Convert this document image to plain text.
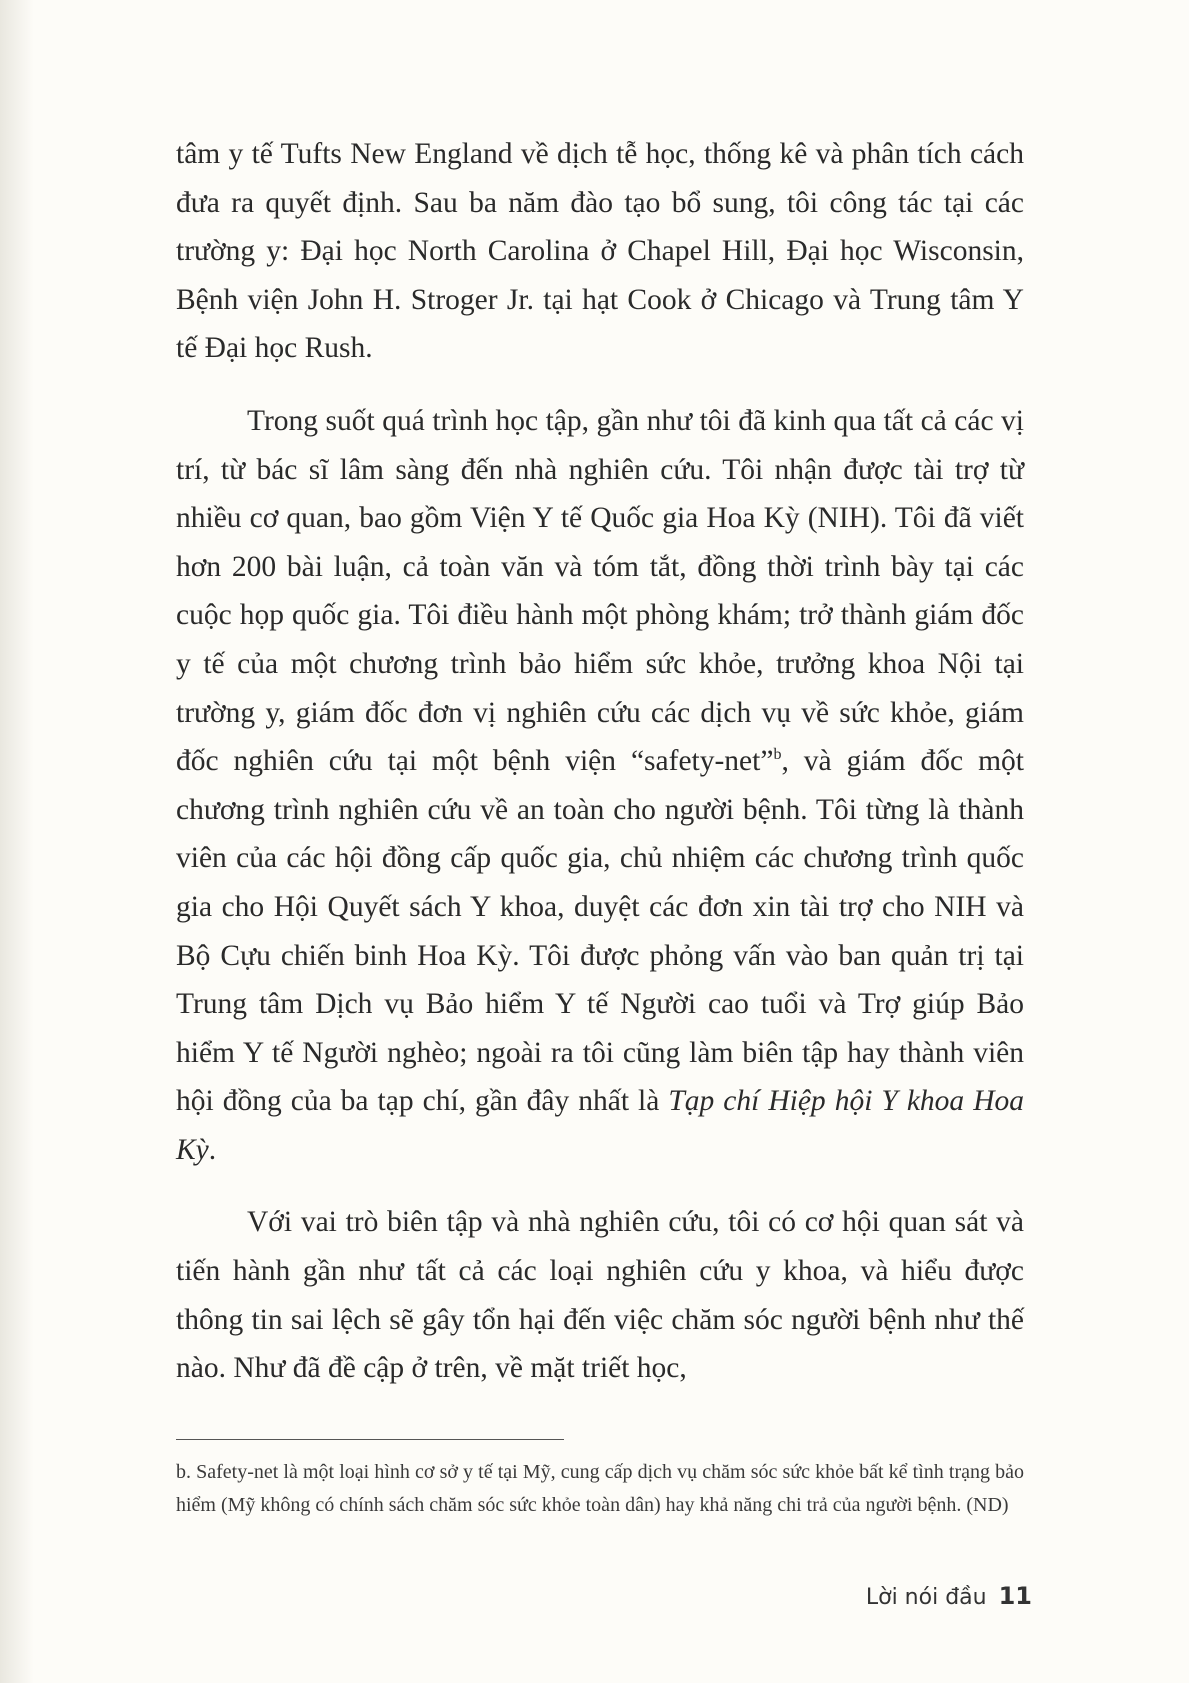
tâm y tế Tufts New England về dịch tễ học, thống kê và phân tích cách đưa ra quyết định. Sau ba năm đào tạo bổ sung, tôi công tác tại các trường y: Đại học North Carolina ở Chapel Hill, Đại học Wisconsin, Bệnh viện John H. Stroger Jr. tại hạt Cook ở Chicago và Trung tâm Y tế Đại học Rush.

Trong suốt quá trình học tập, gần như tôi đã kinh qua tất cả các vị trí, từ bác sĩ lâm sàng đến nhà nghiên cứu. Tôi nhận được tài trợ từ nhiều cơ quan, bao gồm Viện Y tế Quốc gia Hoa Kỳ (NIH). Tôi đã viết hơn 200 bài luận, cả toàn văn và tóm tắt, đồng thời trình bày tại các cuộc họp quốc gia. Tôi điều hành một phòng khám; trở thành giám đốc y tế của một chương trình bảo hiểm sức khỏe, trưởng khoa Nội tại trường y, giám đốc đơn vị nghiên cứu các dịch vụ về sức khỏe, giám đốc nghiên cứu tại một bệnh viện “safety-net”$^b$, và giám đốc một chương trình nghiên cứu về an toàn cho người bệnh. Tôi từng là thành viên của các hội đồng cấp quốc gia, chủ nhiệm các chương trình quốc gia cho Hội Quyết sách Y khoa, duyệt các đơn xin tài trợ cho NIH và Bộ Cựu chiến binh Hoa Kỳ. Tôi được phỏng vấn vào ban quản trị tại Trung tâm Dịch vụ Bảo hiểm Y tế Người cao tuổi và Trợ giúp Bảo hiểm Y tế Người nghèo; ngoài ra tôi cũng làm biên tập hay thành viên hội đồng của ba tạp chí, gần đây nhất là Tạp chí Hiệp hội Y khoa Hoa Kỳ.

Với vai trò biên tập và nhà nghiên cứu, tôi có cơ hội quan sát và tiến hành gần như tất cả các loại nghiên cứu y khoa, và hiểu được thông tin sai lệch sẽ gây tổn hại đến việc chăm sóc người bệnh như thế nào. Như đã đề cập ở trên, về mặt triết học,

b. Safety-net là một loại hình cơ sở y tế tại Mỹ, cung cấp dịch vụ chăm sóc sức khỏe bất kể tình trạng bảo hiểm (Mỹ không có chính sách chăm sóc sức khỏe toàn dân) hay khả năng chi trả của người bệnh. (ND)
Lời nói đầu 11
